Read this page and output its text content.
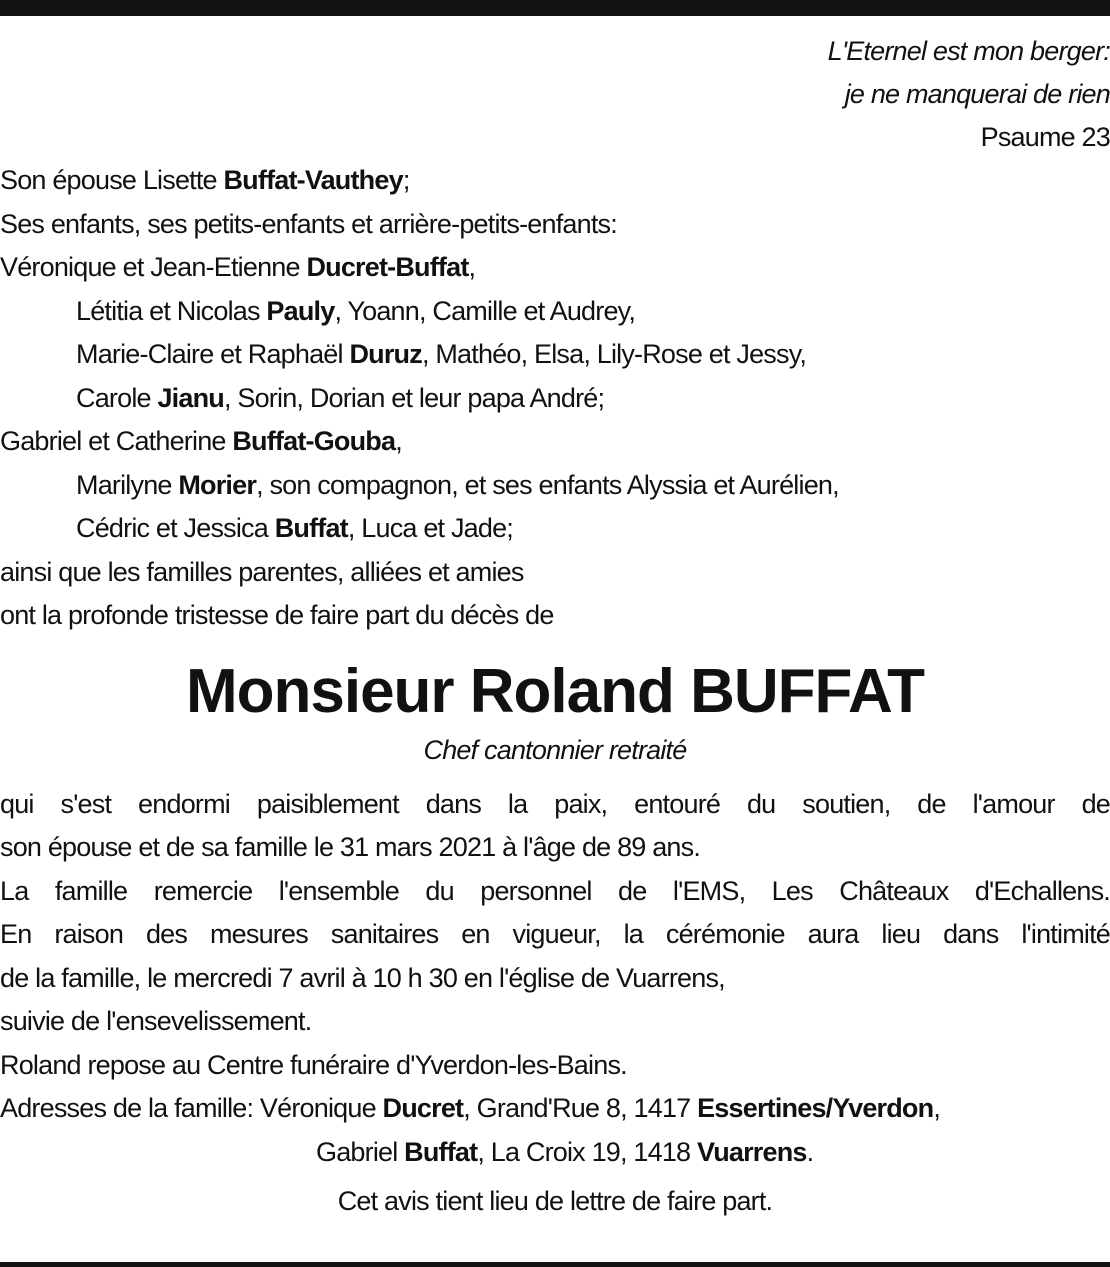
L'Eternel est mon berger:
je ne manquerai de rien
Psaume 23
Son épouse Lisette Buffat-Vauthey;
Ses enfants, ses petits-enfants et arrière-petits-enfants:
Véronique et Jean-Etienne Ducret-Buffat,
Létitia et Nicolas Pauly, Yoann, Camille et Audrey,
Marie-Claire et Raphaël Duruz, Mathéo, Elsa, Lily-Rose et Jessy,
Carole Jianu, Sorin, Dorian et leur papa André;
Gabriel et Catherine Buffat-Gouba,
Marilyne Morier, son compagnon, et ses enfants Alyssia et Aurélien,
Cédric et Jessica Buffat, Luca et Jade;
ainsi que les familles parentes, alliées et amies
ont la profonde tristesse de faire part du décès de
Monsieur Roland BUFFAT
Chef cantonnier retraité
qui s'est endormi paisiblement dans la paix, entouré du soutien, de l'amour de
son épouse et de sa famille le 31 mars 2021 à l'âge de 89 ans.
La famille remercie l'ensemble du personnel de l'EMS, Les Châteaux d'Echallens.
En raison des mesures sanitaires en vigueur, la cérémonie aura lieu dans l'intimité
de la famille, le mercredi 7 avril à 10 h 30 en l'église de Vuarrens,
suivie de l'ensevelissement.
Roland repose au Centre funéraire d'Yverdon-les-Bains.
Adresses de la famille: Véronique Ducret, Grand'Rue 8, 1417 Essertines/Yverdon,
Gabriel Buffat, La Croix 19, 1418 Vuarrens.
Cet avis tient lieu de lettre de faire part.
